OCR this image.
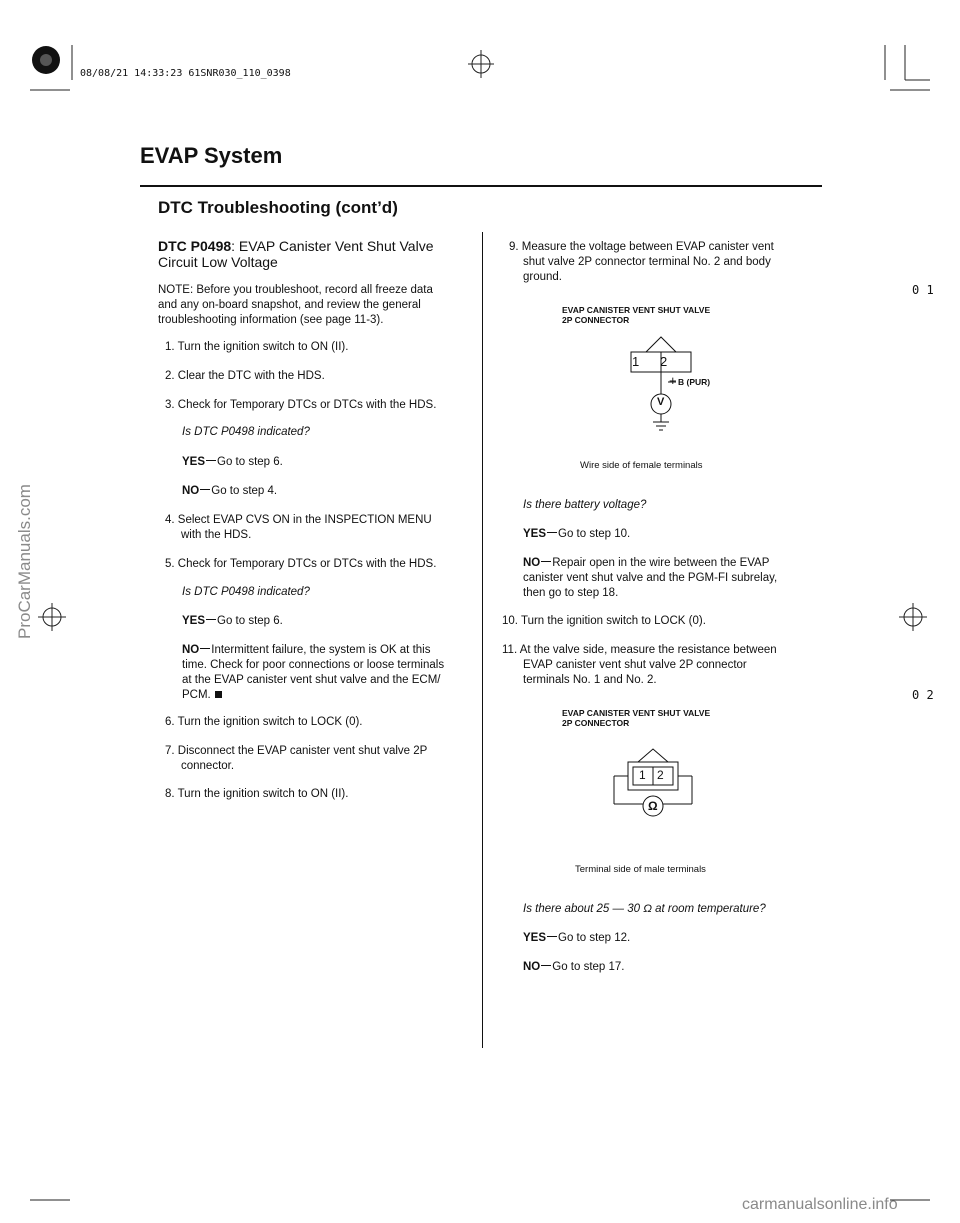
08/08/21 14:33:23 61SNR030_110_0398
EVAP System
DTC Troubleshooting (cont’d)
0 1
0 2
DTC P0498: EVAP Canister Vent Shut Valve
Circuit Low Voltage
NOTE: Before you troubleshoot, record all freeze data
and any on-board snapshot, and review the general
troubleshooting information (see page 11-3).
1. Turn the ignition switch to ON (II).
2. Clear the DTC with the HDS.
3. Check for Temporary DTCs or DTCs with the HDS.
Is DTC P0498 indicated?
YES Go to step 6.
NO Go to step 4.
4. Select EVAP CVS ON in the INSPECTION MENU
with the HDS.
5. Check for Temporary DTCs or DTCs with the HDS.
Is DTC P0498 indicated?
YES Go to step 6.
NO Intermittent failure, the system is OK at this
time. Check for poor connections or loose terminals
at the EVAP canister vent shut valve and the ECM/
PCM.
6. Turn the ignition switch to LOCK (0).
7. Disconnect the EVAP canister vent shut valve 2P
connector.
8. Turn the ignition switch to ON (II).
9. Measure the voltage between EVAP canister vent
shut valve 2P connector terminal No. 2 and body
ground.
EVAP CANISTER VENT SHUT VALVE
2P CONNECTOR
1 2
+ B (PUR)
V
Wire side of female terminals
Is there battery voltage?
YES Go to step 10.
NO Repair open in the wire between the EVAP
canister vent shut valve and the PGM-FI subrelay,
then go to step 18.
10. Turn the ignition switch to LOCK (0).
11. At the valve side, measure the resistance between
EVAP canister vent shut valve 2P connector
terminals No. 1 and No. 2.
EVAP CANISTER VENT SHUT VALVE
2P CONNECTOR
1 2
Ω
Terminal side of male terminals
Is there about 25 — 30 Ω at room temperature?
YES Go to step 12.
NO Go to step 17.
ProCarManuals.com
carmanualsonline.info
